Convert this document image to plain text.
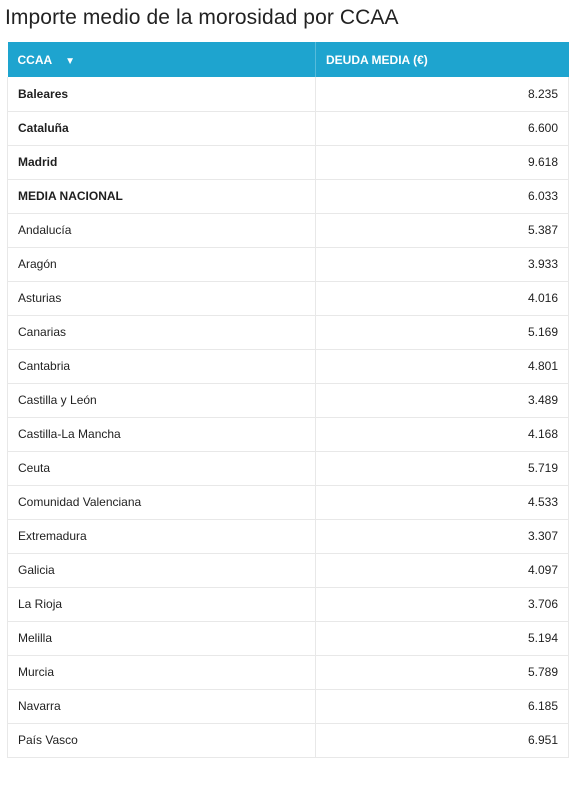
Importe medio de la morosidad por CCAA
CCAA ▼	DEUDA MEDIA (€)
Baleares	8.235
Cataluña	6.600
Madrid	9.618
MEDIA NACIONAL	6.033
Andalucía	5.387
Aragón	3.933
Asturias	4.016
Canarias	5.169
Cantabria	4.801
Castilla y León	3.489
Castilla-La Mancha	4.168
Ceuta	5.719
Comunidad Valenciana	4.533
Extremadura	3.307
Galicia	4.097
La Rioja	3.706
Melilla	5.194
Murcia	5.789
Navarra	6.185
País Vasco	6.951
